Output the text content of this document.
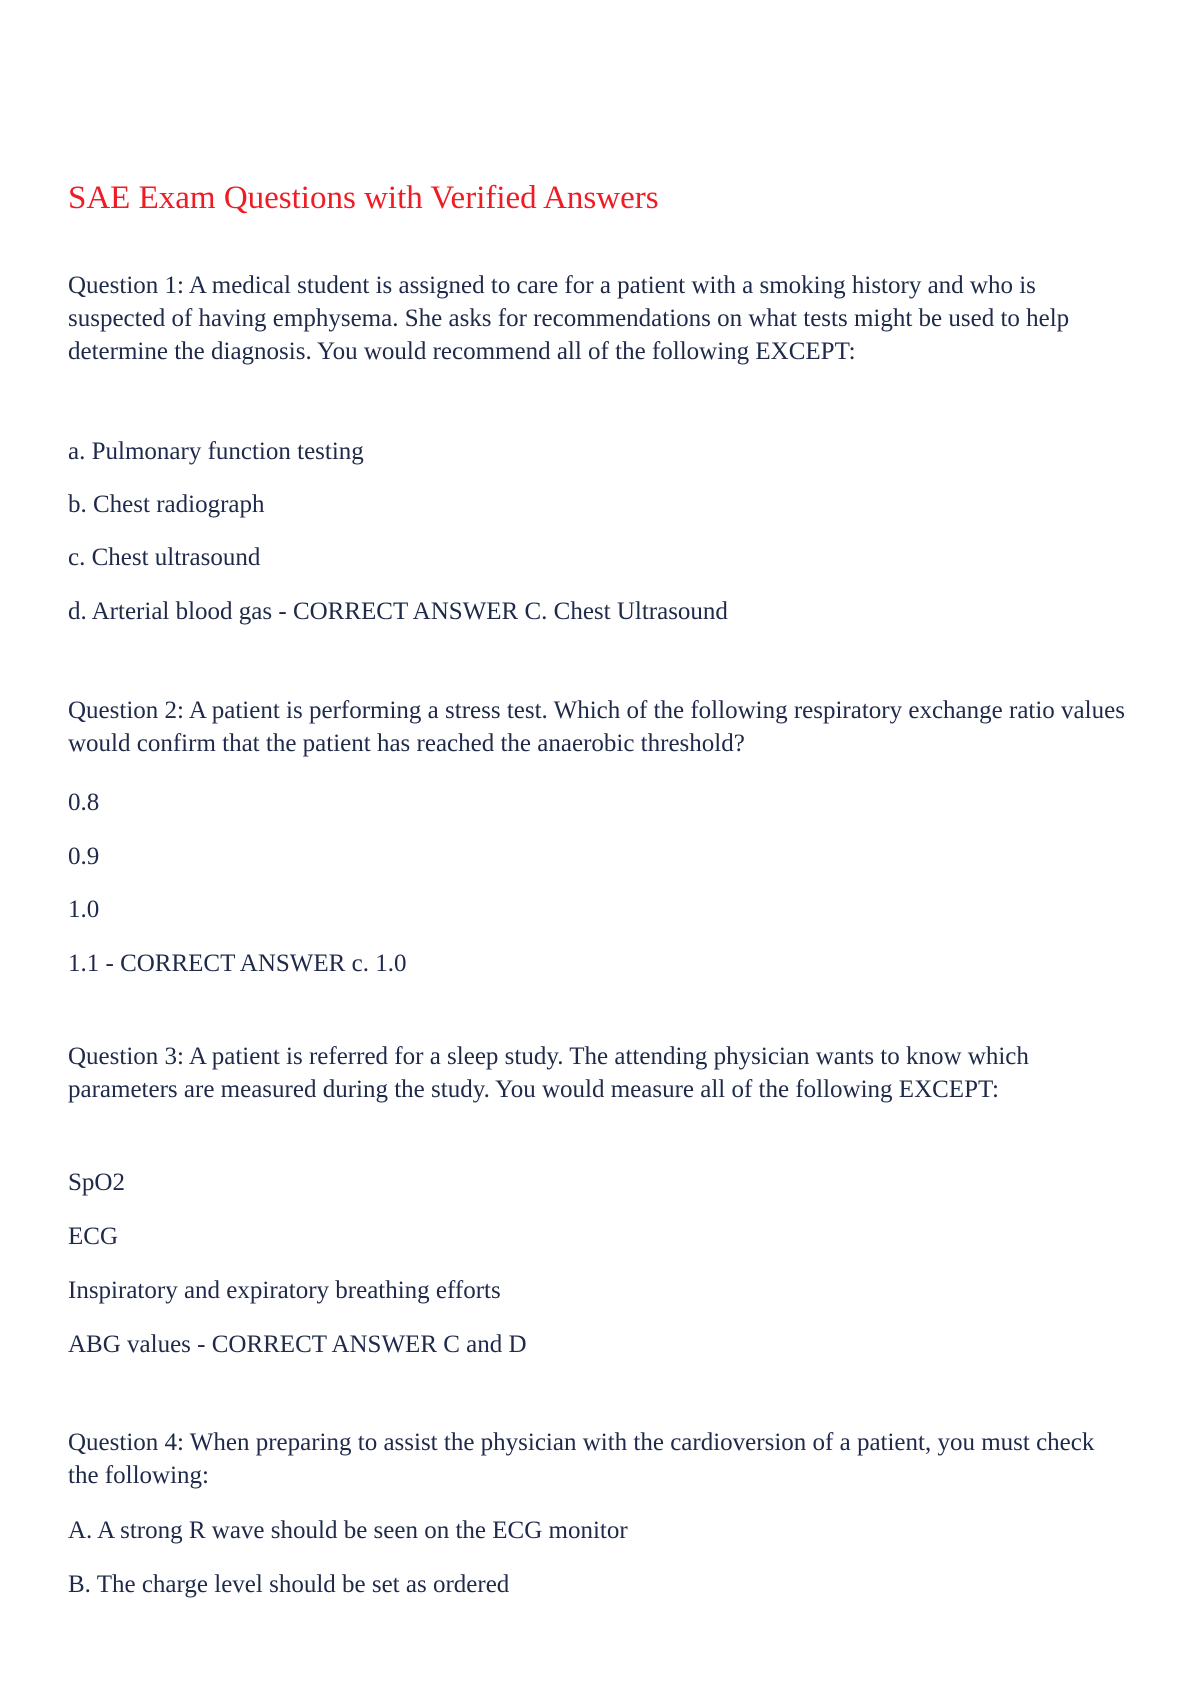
SAE Exam Questions with Verified Answers

Question 1: A medical student is assigned to care for a patient with a smoking history and who is suspected of having emphysema. She asks for recommendations on what tests might be used to help determine the diagnosis. You would recommend all of the following EXCEPT:

a. Pulmonary function testing

b. Chest radiograph

c. Chest ultrasound

d. Arterial blood gas - CORRECT ANSWER C. Chest Ultrasound

Question 2: A patient is performing a stress test. Which of the following respiratory exchange ratio values would confirm that the patient has reached the anaerobic threshold?

0.8

0.9

1.0

1.1 - CORRECT ANSWER c. 1.0

Question 3: A patient is referred for a sleep study. The attending physician wants to know which parameters are measured during the study. You would measure all of the following EXCEPT:

SpO2

ECG

Inspiratory and expiratory breathing efforts

ABG values - CORRECT ANSWER C and D

Question 4: When preparing to assist the physician with the cardioversion of a patient, you must check the following:

A. A strong R wave should be seen on the ECG monitor

B. The charge level should be set as ordered
